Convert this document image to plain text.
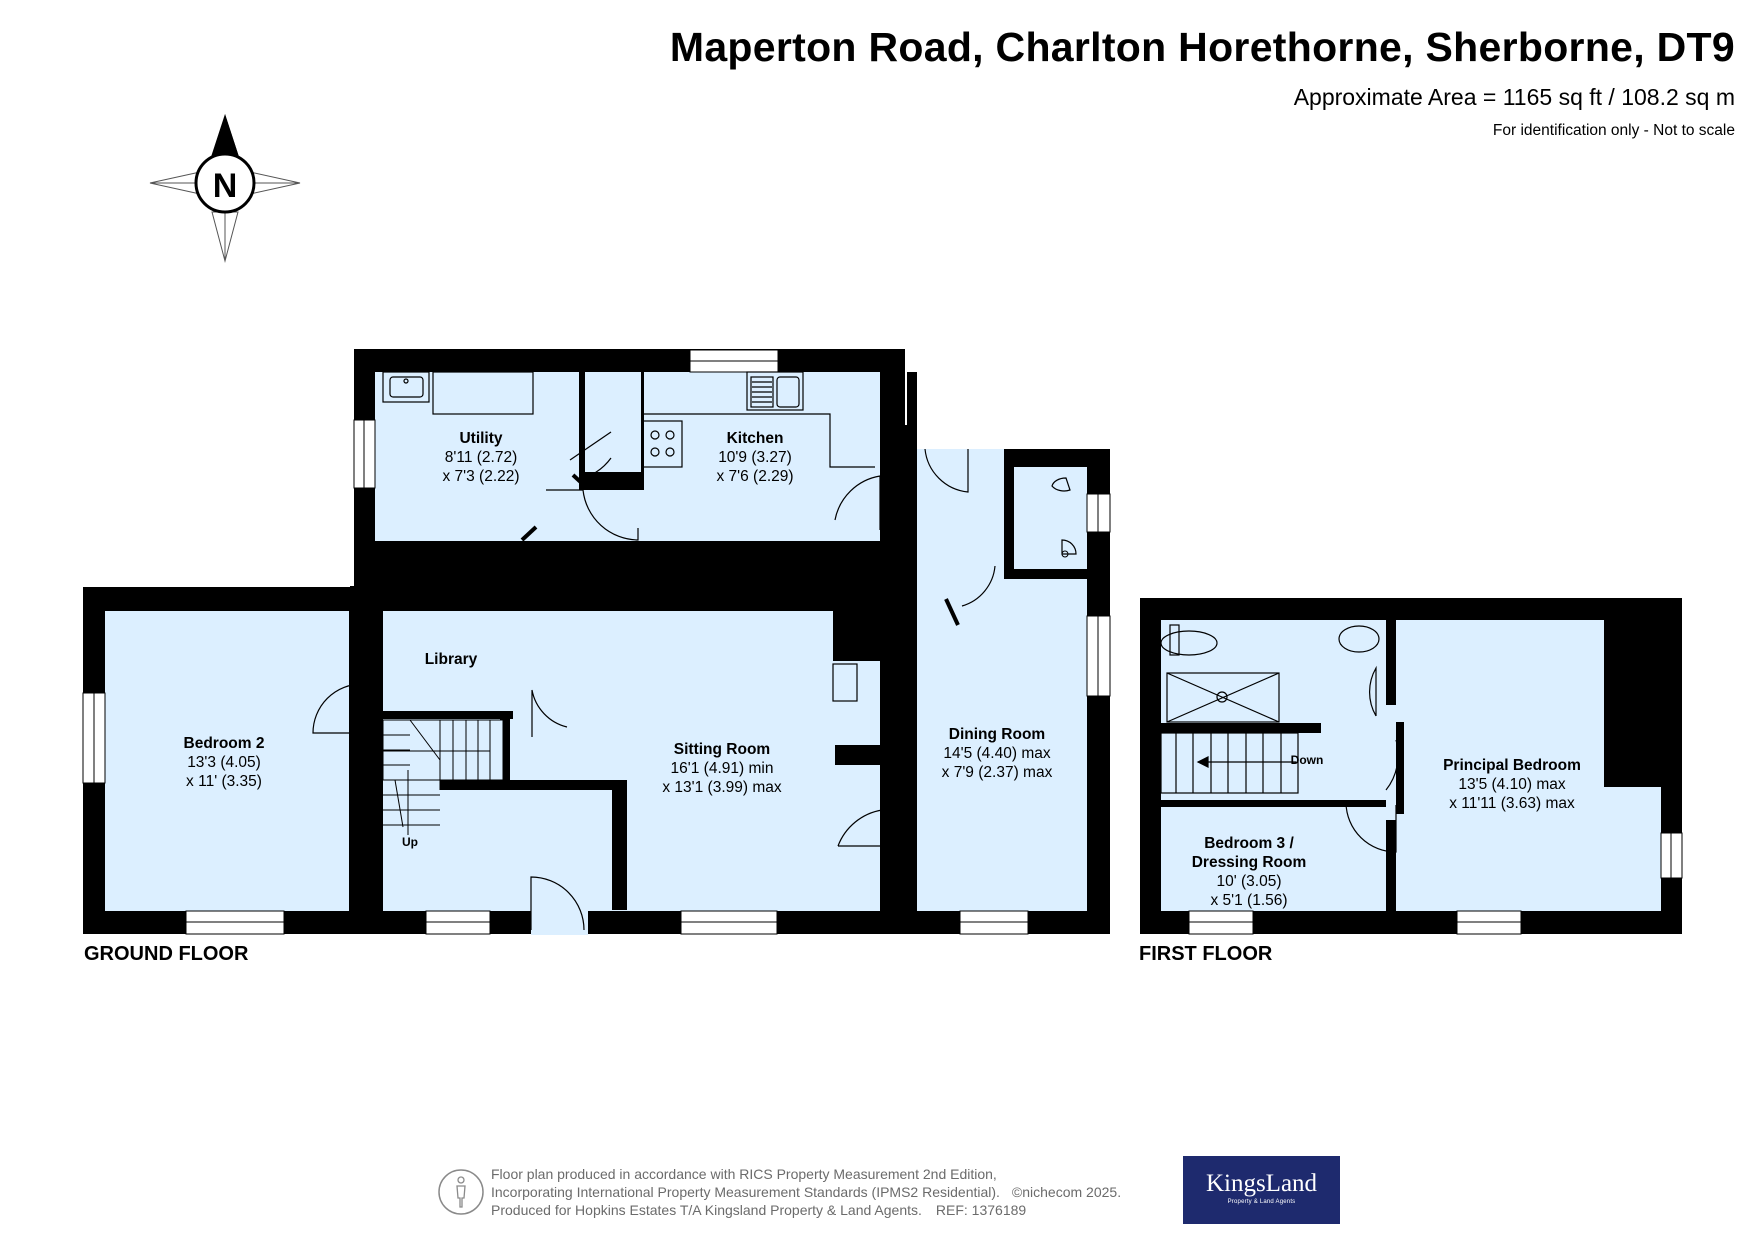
Maperton Road, Charlton Horethorne, Sherborne, DT9
Approximate Area = 1165 sq ft / 108.2 sq m
For identification only - Not to scale
N
Utility
8'11 (2.72)
x 7'3 (2.22)
Kitchen
10'9 (3.27)
x 7'6 (2.29)
Library
Bedroom 2
13'3 (4.05)
x 11' (3.35)
Sitting Room
16'1 (4.91) min
x 13'1 (3.99) max
Dining Room
14'5 (4.40) max
x 7'9 (2.37) max
Up
GROUND FLOOR
Down
Bedroom 3 /
Dressing Room
10' (3.05)
x 5'1 (1.56)
Principal Bedroom
13'5 (4.10) max
x 11'11 (3.63) max
FIRST FLOOR
Floor plan produced in accordance with RICS Property Measurement 2nd Edition,
Incorporating International Property Measurement Standards (IPMS2 Residential). ©nichecom 2025.
Produced for Hopkins Estates T/A Kingsland Property & Land Agents. REF: 1376189
KingsLand
Property & Land Agents
